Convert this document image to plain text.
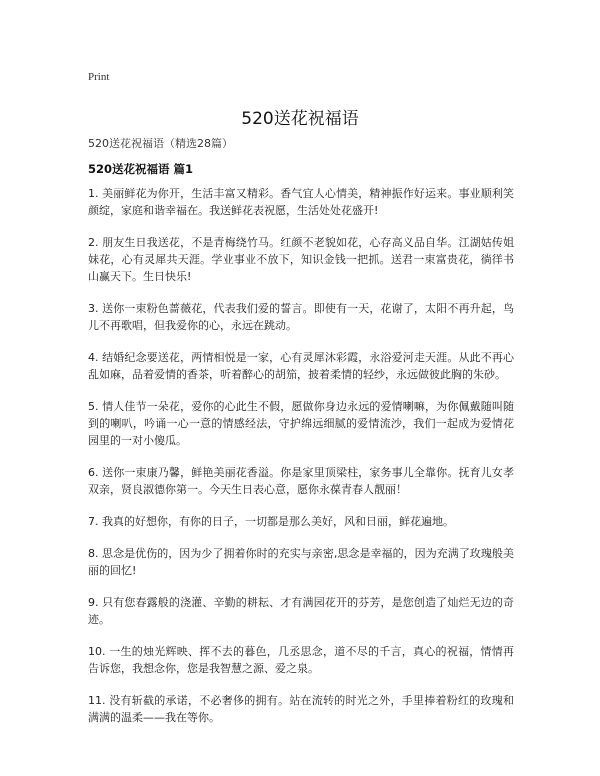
Print
520送花祝福语
520送花祝福语（精选28篇）
520送花祝福语 篇1

1. 美丽鲜花为你开，生活丰富又精彩。香气宜人心情美，精神振作好运来。事业顺利笑颜绽，家庭和谐幸福在。我送鲜花表祝愿，生活处处花盛开!

2. 朋友生日我送花，不是青梅绕竹马。红颜不老貌如花，心存高义品自华。江湖姑传姐妹花，心有灵犀共天涯。学业事业不放下，知识金钱一把抓。送君一束富贵花，徜徉书山赢天下。生日快乐!

3. 送你一束粉色蔷薇花，代表我们爱的誓言。即使有一天，花谢了，太阳不再升起，鸟儿不再歌唱，但我爱你的心，永远在跳动。

4. 结婚纪念要送花，两情相悦是一家，心有灵犀沐彩霞，永浴爱河走天涯。从此不再心乱如麻，品着爱情的香茶，听着醉心的胡笳，披着柔情的轻纱，永远做彼此胸的朱砂。

5. 情人佳节一朵花，爱你的心此生不假，愿做你身边永远的爱情喇嘛，为你佩戴随叫随到的喇叭，吟诵一心一意的情感经法，守护绵远细腻的爱情流沙，我们一起成为爱情花园里的一对小傻瓜。

6. 送你一束康乃馨，鲜艳美丽花香溢。你是家里顶梁柱，家务事儿全靠你。抚育儿女孝双亲，贤良淑德你第一。今天生日表心意，愿你永葆青春人靓丽！

7. 我真的好想你，有你的日子，一切都是那么美好，风和日丽，鲜花遍地。

8. 思念是优伤的，因为少了拥着你时的充实与亲密,思念是幸福的，因为充满了玫瑰般美丽的回忆!

9. 只有您春露般的浇灌、辛勤的耕耘、才有满园花开的芬芳，是您创造了灿烂无边的奇迹。

10. 一生的烛光辉映、挥不去的暮色，几丞思念，道不尽的千言，真心的祝福，情情再告诉您，我想念你，您是我智慧之源、爱之泉。

11. 没有斩截的承诺，不必奢侈的拥有。站在流转的时光之外，手里捧着粉红的玫瑰和满满的温柔——我在等你。
